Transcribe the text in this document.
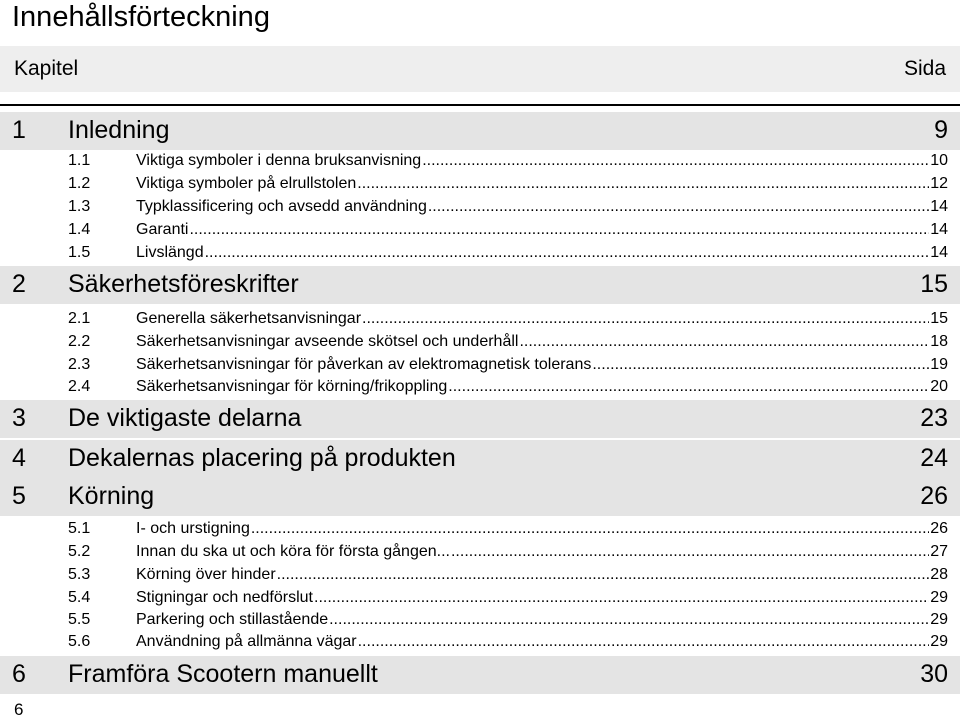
Innehållsförteckning
Kapitel	Sida
1 Inledning	9
1.1	Viktiga symboler i denna bruksanvisning .....	10
1.2	Viktiga symboler på elrullstolen .....	12
1.3	Typklassificering och avsedd användning .....	14
1.4	Garanti .....	14
1.5	Livslängd .....	14
2 Säkerhetsföreskrifter	15
2.1	Generella säkerhetsanvisningar .....	15
2.2	Säkerhetsanvisningar avseende skötsel och underhåll .....	18
2.3	Säkerhetsanvisningar för påverkan av elektromagnetisk tolerans .....	19
2.4	Säkerhetsanvisningar för körning/frikoppling .....	20
3 De viktigaste delarna	23
4 Dekalernas placering på produkten	24
5 Körning	26
5.1	I- och urstigning .....	26
5.2	Innan du ska ut och köra för första gången... .....	27
5.3	Körning över hinder .....	28
5.4	Stigningar och nedförslut .....	29
5.5	Parkering och stillastående .....	29
5.6	Användning på allmänna vägar .....	29
6 Framföra Scootern manuellt	30
6
